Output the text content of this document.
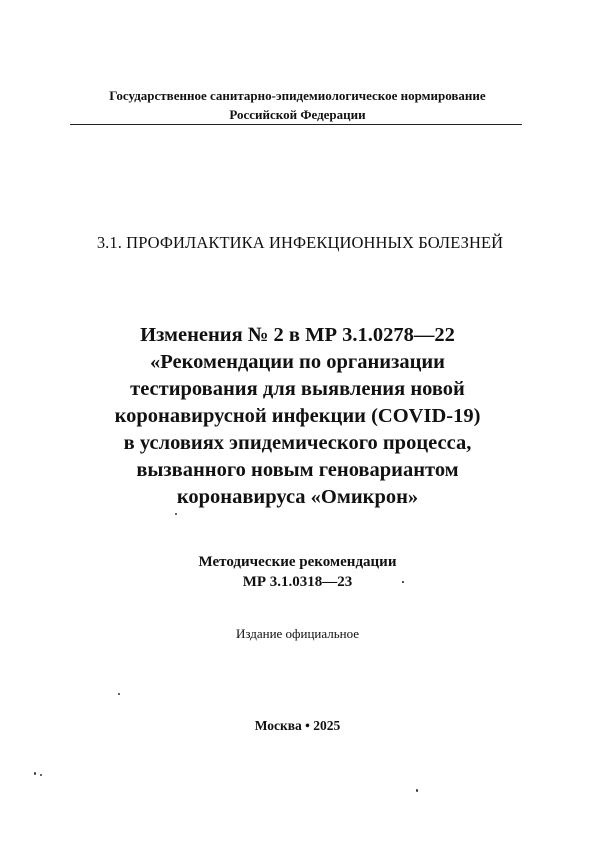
Государственное санитарно-эпидемиологическое нормирование
Российской Федерации
3.1. ПРОФИЛАКТИКА ИНФЕКЦИОННЫХ БОЛЕЗНЕЙ
Изменения № 2 в МР 3.1.0278—22
«Рекомендации по организации
тестирования для выявления новой
коронавирусной инфекции (COVID-19)
в условиях эпидемического процесса,
вызванного новым геновариантом
коронавируса «Омикрон»
Методические рекомендации
МР 3.1.0318—23
Издание официальное
Москва • 2025
